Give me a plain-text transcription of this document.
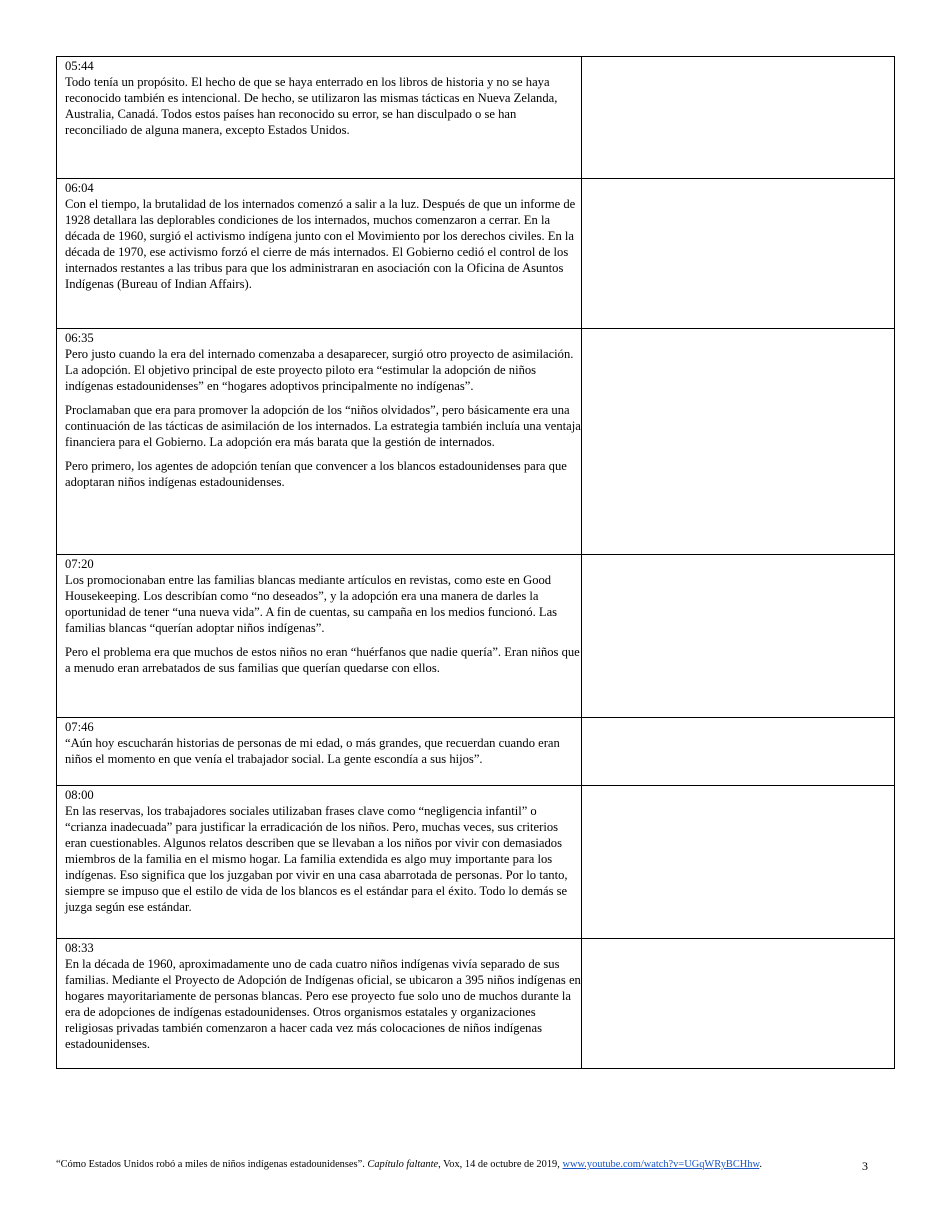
05:44

Todo tenía un propósito. El hecho de que se haya enterrado en los libros de historia y no se haya reconocido también es intencional. De hecho, se utilizaron las mismas tácticas en Nueva Zelanda, Australia, Canadá. Todos estos países han reconocido su error, se han disculpado o se han reconciliado de alguna manera, excepto Estados Unidos.	

06:04

Con el tiempo, la brutalidad de los internados comenzó a salir a la luz. Después de que un informe de 1928 detallara las deplorables condiciones de los internados, muchos comenzaron a cerrar. En la década de 1960, surgió el activismo indígena junto con el Movimiento por los derechos civiles. En la década de 1970, ese activismo forzó el cierre de más internados. El Gobierno cedió el control de los internados restantes a las tribus para que los administraran en asociación con la Oficina de Asuntos Indígenas (Bureau of Indian Affairs).	

06:35

Pero justo cuando la era del internado comenzaba a desaparecer, surgió otro proyecto de asimilación. La adopción. El objetivo principal de este proyecto piloto era “estimular la adopción de niños indígenas estadounidenses” en “hogares adoptivos principalmente no indígenas”.

Proclamaban que era para promover la adopción de los “niños olvidados”, pero básicamente era una continuación de las tácticas de asimilación de los internados. La estrategia también incluía una ventaja financiera para el Gobierno. La adopción era más barata que la gestión de internados.

Pero primero, los agentes de adopción tenían que convencer a los blancos estadounidenses para que adoptaran niños indígenas estadounidenses.	

07:20

Los promocionaban entre las familias blancas mediante artículos en revistas, como este en Good Housekeeping. Los describían como “no deseados”, y la adopción era una manera de darles la oportunidad de tener “una nueva vida”. A fin de cuentas, su campaña en los medios funcionó. Las familias blancas “querían adoptar niños indígenas”.

Pero el problema era que muchos de estos niños no eran “huérfanos que nadie quería”. Eran niños que a menudo eran arrebatados de sus familias que querían quedarse con ellos.	

07:46

“Aún hoy escucharán historias de personas de mi edad, o más grandes, que recuerdan cuando eran niños el momento en que venía el trabajador social. La gente escondía a sus hijos”.	

08:00

En las reservas, los trabajadores sociales utilizaban frases clave como “negligencia infantil” o “crianza inadecuada” para justificar la erradicación de los niños. Pero, muchas veces, sus criterios eran cuestionables. Algunos relatos describen que se llevaban a los niños por vivir con demasiados miembros de la familia en el mismo hogar. La familia extendida es algo muy importante para los indígenas. Eso significa que los juzgaban por vivir en una casa abarrotada de personas. Por lo tanto, siempre se impuso que el estilo de vida de los blancos es el estándar para el éxito. Todo lo demás se juzga según ese estándar.	

08:33

En la década de 1960, aproximadamente uno de cada cuatro niños indígenas vivía separado de sus familias. Mediante el Proyecto de Adopción de Indígenas oficial, se ubicaron a 395 niños indígenas en hogares mayoritariamente de personas blancas. Pero ese proyecto fue solo uno de muchos durante la era de adopciones de indígenas estadounidenses. Otros organismos estatales y organizaciones religiosas privadas también comenzaron a hacer cada vez más colocaciones de niños indígenas estadounidenses.	

“Cómo Estados Unidos robó a miles de niños indígenas estadounidenses”. Capítulo faltante, Vox, 14 de octubre de 2019, www.youtube.com/watch?v=UGqWRyBCHhw.	3
